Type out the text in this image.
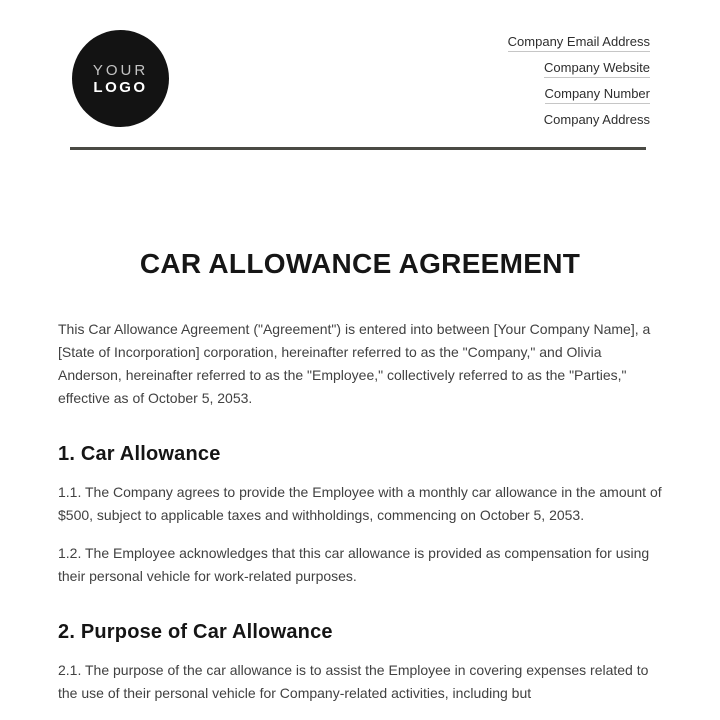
YOUR
LOGO
Company Email Address
Company Website
Company Number
Company Address
CAR ALLOWANCE AGREEMENT

This Car Allowance Agreement ("Agreement") is entered into between [Your Company Name], a [State of Incorporation] corporation, hereinafter referred to as the "Company," and Olivia Anderson, hereinafter referred to as the "Employee," collectively referred to as the "Parties," effective as of October 5, 2053.

1. Car Allowance

1.1. The Company agrees to provide the Employee with a monthly car allowance in the amount of $500, subject to applicable taxes and withholdings, commencing on October 5, 2053.

1.2. The Employee acknowledges that this car allowance is provided as compensation for using their personal vehicle for work-related purposes.

2. Purpose of Car Allowance

2.1. The purpose of the car allowance is to assist the Employee in covering expenses related to the use of their personal vehicle for Company-related activities, including but
